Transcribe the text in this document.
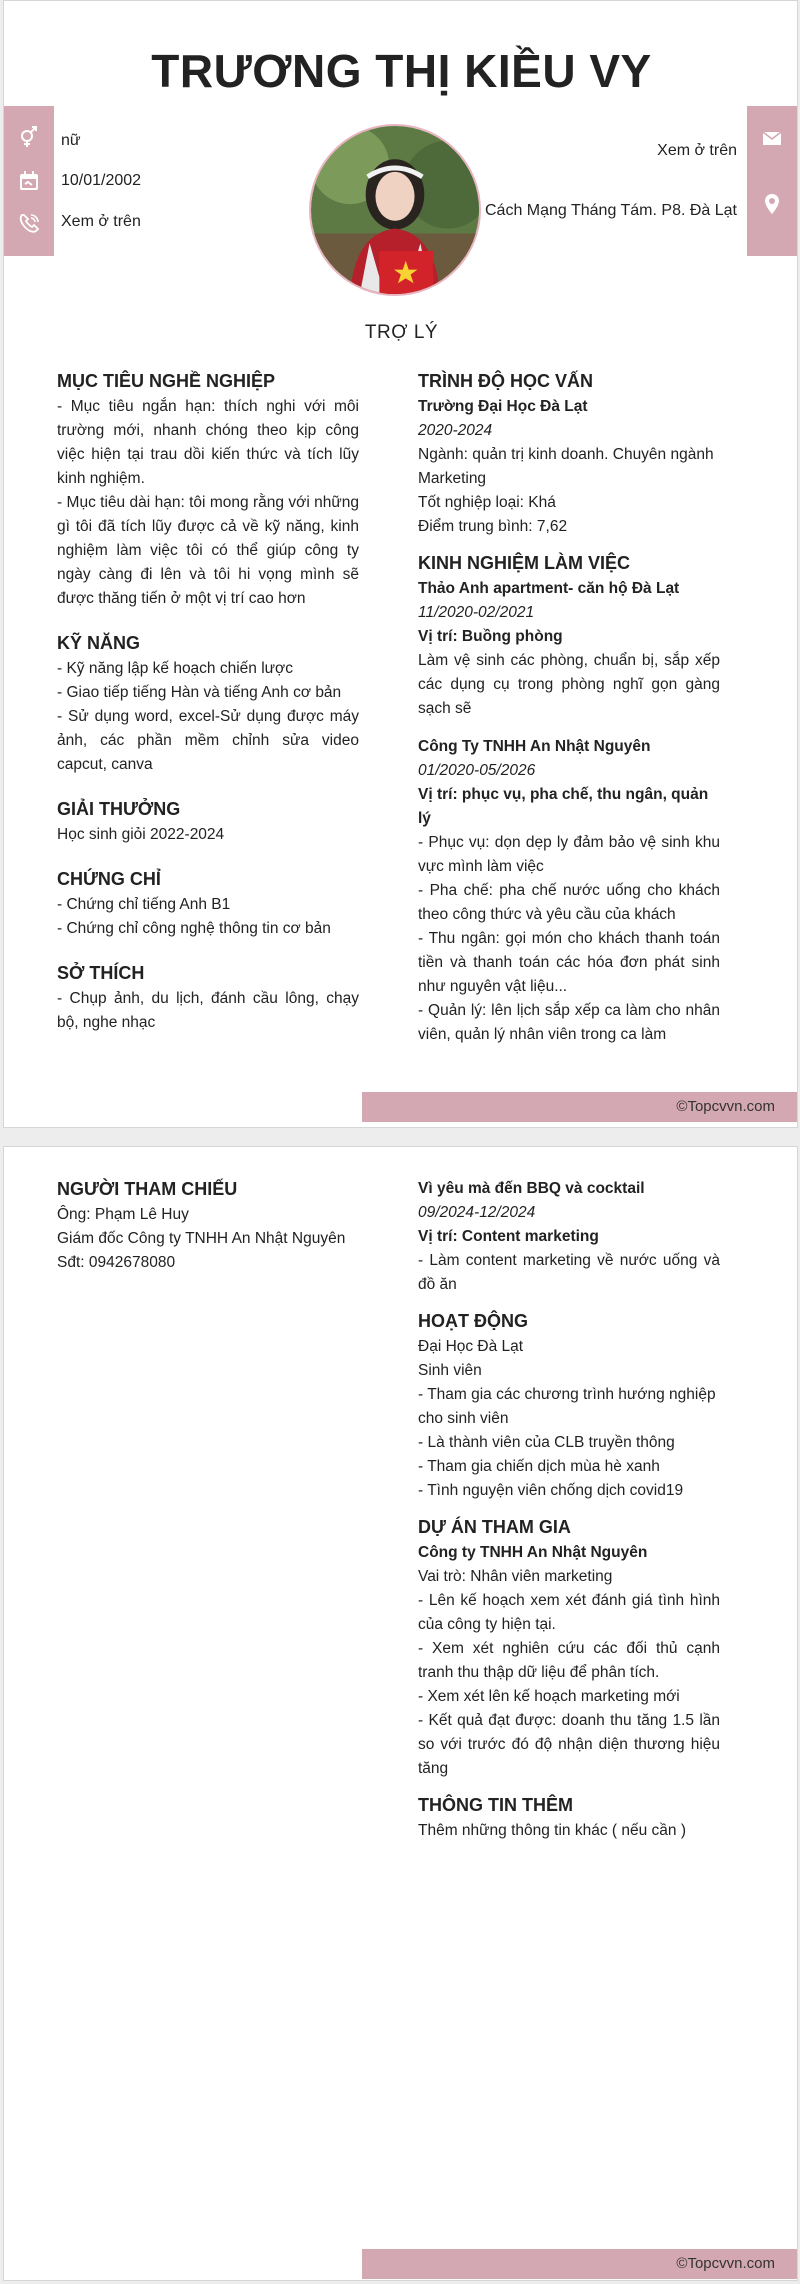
TRƯƠNG THỊ KIỀU VY
nữ
10/01/2002
Xem ở trên
Xem ở trên
Cách Mạng Tháng Tám. P8. Đà Lạt
TRỢ LÝ
MỤC TIÊU NGHỀ NGHIỆP

- Mục tiêu ngắn hạn: thích nghi với môi trường mới, nhanh chóng theo kịp công việc hiện tại trau dồi kiến thức và tích lũy kinh nghiệm.

- Mục tiêu dài hạn: tôi mong rằng với những gì tôi đã tích lũy được cả về kỹ năng, kinh nghiệm làm việc tôi có thể giúp công ty ngày càng đi lên và tôi hi vọng mình sẽ được thăng tiến ở một vị trí cao hơn

KỸ NĂNG

- Kỹ năng lập kế hoạch chiến lược

- Giao tiếp tiếng Hàn và tiếng Anh cơ bản

- Sử dụng word, excel-Sử dụng được máy ảnh, các phần mềm chỉnh sửa video capcut, canva

GIẢI THƯỞNG

Học sinh giỏi 2022-2024

CHỨNG CHỈ

- Chứng chỉ tiếng Anh B1

- Chứng chỉ công nghệ thông tin cơ bản

SỞ THÍCH

- Chụp ảnh, du lịch, đánh cầu lông, chạy bộ, nghe nhạc

TRÌNH ĐỘ HỌC VẤN

Trường Đại Học Đà Lạt

2020-2024

Ngành: quản trị kinh doanh. Chuyên ngành Marketing

Tốt nghiệp loại: Khá

Điểm trung bình: 7,62

KINH NGHIỆM LÀM VIỆC

Thảo Anh apartment- căn hộ Đà Lạt

11/2020-02/2021

Vị trí: Buồng phòng

Làm vệ sinh các phòng, chuẩn bị, sắp xếp các dụng cụ trong phòng nghĩ gọn gàng sạch sẽ

Công Ty TNHH An Nhật Nguyên

01/2020-05/2026

Vị trí: phục vụ, pha chế, thu ngân, quản lý

- Phục vụ: dọn dẹp ly đảm bảo vệ sinh khu vực mình làm việc

- Pha chế: pha chế nước uống cho khách theo công thức và yêu cầu của khách

- Thu ngân: gọi món cho khách thanh toán tiền và thanh toán các hóa đơn phát sinh như nguyên vật liệu...

- Quản lý: lên lịch sắp xếp ca làm cho nhân viên, quản lý nhân viên trong ca làm

©Topcvvn.com
NGƯỜI THAM CHIẾU

Ông: Phạm Lê Huy

Giám đốc Công ty TNHH An Nhật Nguyên

Sđt: 0942678080

Vì yêu mà đến BBQ và cocktail

09/2024-12/2024

Vị trí: Content marketing

- Làm content marketing về nước uống và đồ ăn

HOẠT ĐỘNG

Đại Học Đà Lạt

Sinh viên

- Tham gia các chương trình hướng nghiệp cho sinh viên

- Là thành viên của CLB truyền thông

- Tham gia chiến dịch mùa hè xanh

- Tình nguyện viên chống dịch covid19

DỰ ÁN THAM GIA

Công ty TNHH An Nhật Nguyên

Vai trò: Nhân viên marketing

- Lên kế hoạch xem xét đánh giá tình hình của công ty hiện tại.

- Xem xét nghiên cứu các đối thủ cạnh tranh thu thập dữ liệu để phân tích.

- Xem xét lên kế hoạch marketing mới

- Kết quả đạt được: doanh thu tăng 1.5 lần so với trước đó độ nhận diện thương hiệu tăng

THÔNG TIN THÊM

Thêm những thông tin khác ( nếu cần )

©Topcvvn.com
